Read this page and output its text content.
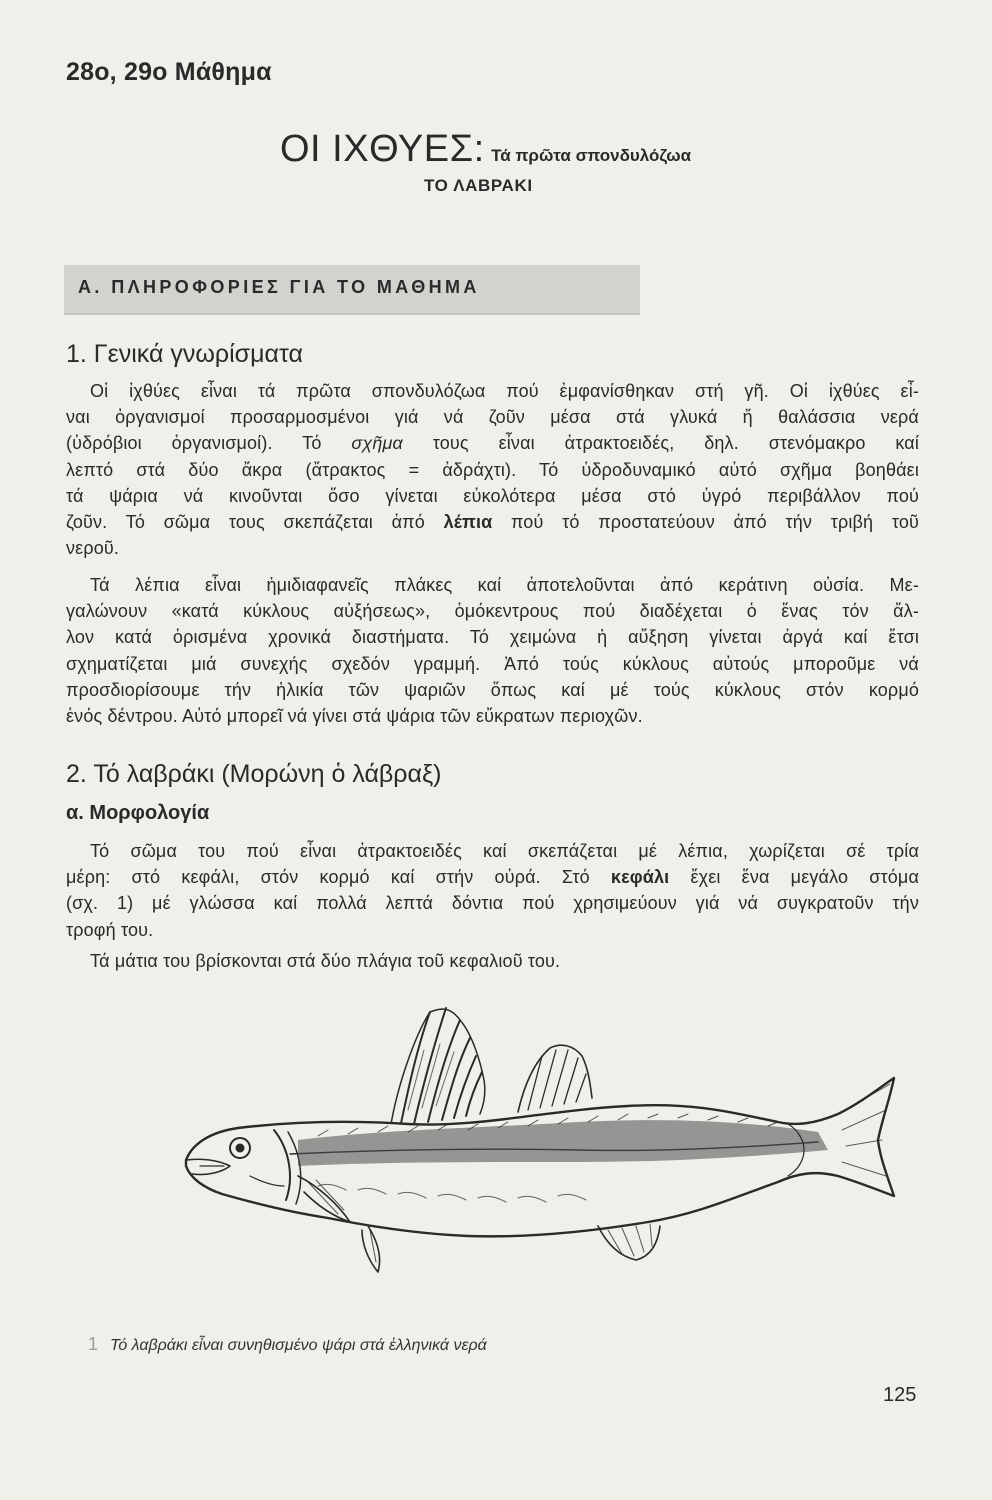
28ο, 29ο Μάθημα
ΟΙ ΙΧΘΥΕΣ: Τά πρῶτα σπονδυλόζωα
ΤΟ ΛΑΒΡΑΚΙ
Α. ΠΛΗΡΟΦΟΡΙΕΣ ΓΙΑ ΤΟ ΜΑΘΗΜΑ
1. Γενικά γνωρίσματα
Οἱ ἰχθύες εἶναι τά πρῶτα σπονδυλόζωα πού ἐμφανίσθηκαν στή γῆ. Οἱ ἰχθύες εἶ-
ναι ὀργανισμοί προσαρμοσμένοι γιά νά ζοῦν μέσα στά γλυκά ἤ θαλάσσια νερά
(ὑδρόβιοι ὀργανισμοί). Τό σχῆμα τους εἶναι ἀτρακτοειδές, δηλ. στενόμακρο καί
λεπτό στά δύο ἄκρα (ἄτρακτος = ἀδράχτι). Τό ὑδροδυναμικό αὐτό σχῆμα βοηθάει
τά ψάρια νά κινοῦνται ὅσο γίνεται εὐκολότερα μέσα στό ὑγρό περιβάλλον πού
ζοῦν. Τό σῶμα τους σκεπάζεται ἀπό λέπια πού τό προστατεύουν ἀπό τήν τριβή τοῦ
νεροῦ.
Τά λέπια εἶναι ἡμιδιαφανεῖς πλάκες καί ἀποτελοῦνται ἀπό κεράτινη οὐσία. Με-
γαλώνουν «κατά κύκλους αὐξήσεως», ὁμόκεντρους πού διαδέχεται ὁ ἕνας τόν ἄλ-
λον κατά ὁρισμένα χρονικά διαστήματα. Τό χειμώνα ἡ αὔξηση γίνεται ἀργά καί ἔτσι
σχηματίζεται μιά συνεχής σχεδόν γραμμή. Ἀπό τούς κύκλους αὐτούς μποροῦμε νά
προσδιορίσουμε τήν ἡλικία τῶν ψαριῶν ὅπως καί μέ τούς κύκλους στόν κορμό
ἑνός δέντρου. Αὐτό μπορεῖ νά γίνει στά ψάρια τῶν εὔκρατων περιοχῶν.
2. Τό λαβράκι (Μορώνη ὁ λάβραξ)
α. Μορφολογία
Τό σῶμα του πού εἶναι ἀτρακτοειδές καί σκεπάζεται μέ λέπια, χωρίζεται σέ τρία
μέρη: στό κεφάλι, στόν κορμό καί στήν οὐρά. Στό κεφάλι ἔχει ἕνα μεγάλο στόμα
(σχ. 1) μέ γλώσσα καί πολλά λεπτά δόντια πού χρησιμεύουν γιά νά συγκρατοῦν τήν
τροφή του.
Τά μάτια του βρίσκονται στά δύο πλάγια τοῦ κεφαλιοῦ του.
1 Τό λαβράκι εἶναι συνηθισμένο ψάρι στά ἑλληνικά νερά
125
